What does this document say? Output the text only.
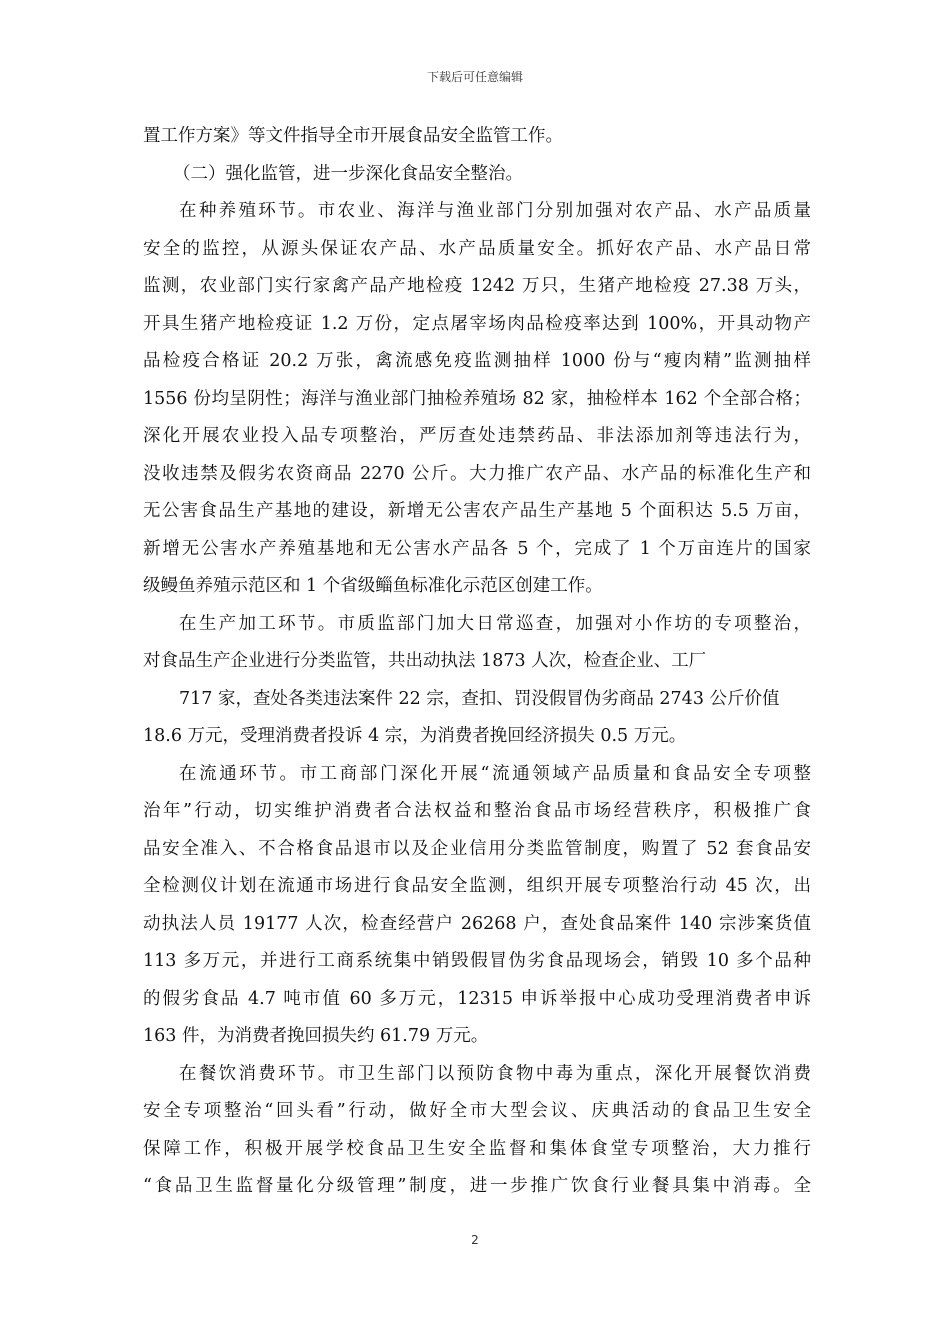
下载后可任意编辑
置工作方案》等文件指导全市开展食品安全监管工作。
（二）强化监管，进一步深化食品安全整治。
在种养殖环节。市农业、海洋与渔业部门分别加强对农产品、水产品质量
安全的监控，从源头保证农产品、水产品质量安全。抓好农产品、水产品日常
监测，农业部门实行家禽产品产地检疫 1242 万只，生猪产地检疫 27.38 万头，
开具生猪产地检疫证 1.2 万份，定点屠宰场肉品检疫率达到 100%，开具动物产
品检疫合格证 20.2 万张，禽流感免疫监测抽样 1000 份与“瘦肉精”监测抽样
1556 份均呈阴性；海洋与渔业部门抽检养殖场 82 家，抽检样本 162 个全部合格；
深化开展农业投入品专项整治，严厉查处违禁药品、非法添加剂等违法行为，
没收违禁及假劣农资商品 2270 公斤。大力推广农产品、水产品的标准化生产和
无公害食品生产基地的建设，新增无公害农产品生产基地 5 个面积达 5.5 万亩，
新增无公害水产养殖基地和无公害水产品各 5 个，完成了 1 个万亩连片的国家
级鳗鱼养殖示范区和 1 个省级鲻鱼标准化示范区创建工作。
在生产加工环节。市质监部门加大日常巡查，加强对小作坊的专项整治，
对食品生产企业进行分类监管，共出动执法 1873 人次，检查企业、工厂
717 家，查处各类违法案件 22 宗，查扣、罚没假冒伪劣商品 2743 公斤价值
18.6 万元，受理消费者投诉 4 宗，为消费者挽回经济损失 0.5 万元。
在流通环节。市工商部门深化开展“流通领域产品质量和食品安全专项整
治年”行动，切实维护消费者合法权益和整治食品市场经营秩序，积极推广食
品安全准入、不合格食品退市以及企业信用分类监管制度，购置了 52 套食品安
全检测仪计划在流通市场进行食品安全监测，组织开展专项整治行动 45 次，出
动执法人员 19177 人次，检查经营户 26268 户，查处食品案件 140 宗涉案货值
113 多万元，并进行工商系统集中销毁假冒伪劣食品现场会，销毁 10 多个品种
的假劣食品 4.7 吨市值 60 多万元，12315 申诉举报中心成功受理消费者申诉
163 件，为消费者挽回损失约 61.79 万元。
在餐饮消费环节。市卫生部门以预防食物中毒为重点，深化开展餐饮消费
安全专项整治“回头看”行动，做好全市大型会议、庆典活动的食品卫生安全
保障工作，积极开展学校食品卫生安全监督和集体食堂专项整治，大力推行
“食品卫生监督量化分级管理”制度，进一步推广饮食行业餐具集中消毒。全
2
